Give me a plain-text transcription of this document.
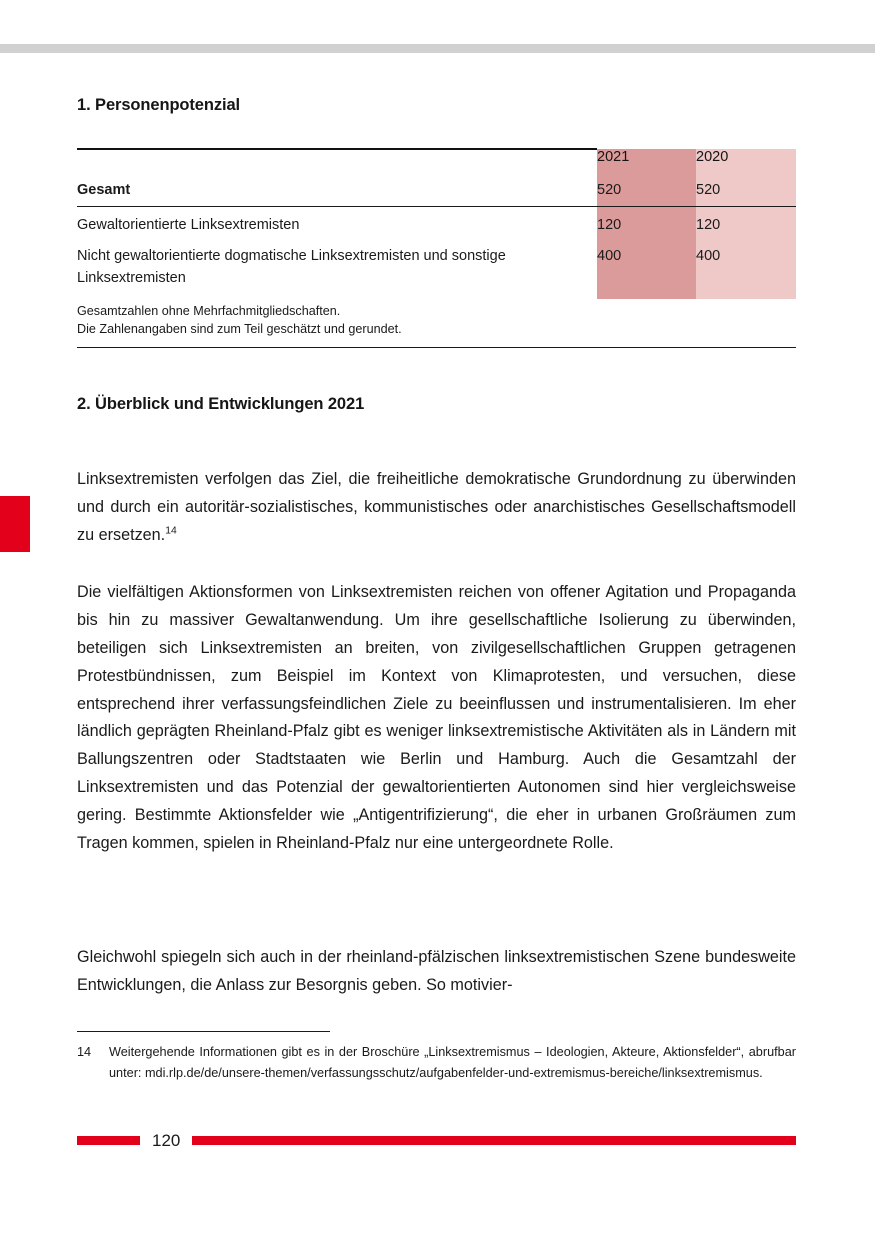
1. Personenpotenzial
	2021	2020
Gesamt	520	520
Gewaltorientierte Linksextremisten	120	120
Nicht gewaltorientierte dogmatische Linksextremisten und sonstige Linksextremisten	400	400
Gesamtzahlen ohne Mehrfachmitgliedschaften.
Die Zahlenangaben sind zum Teil geschätzt und gerundet.
2. Überblick und Entwicklungen 2021

Linksextremisten verfolgen das Ziel, die freiheitliche demokratische Grundordnung zu überwinden und durch ein autoritär-sozialistisches, kommunistisches oder anarchistisches Gesellschaftsmodell zu ersetzen.$^{14}$

Die vielfältigen Aktionsformen von Linksextremisten reichen von offener Agitation und Propaganda bis hin zu massiver Gewaltanwendung. Um ihre gesellschaftliche Isolierung zu überwinden, beteiligen sich Linksextremisten an breiten, von zivilgesellschaftlichen Gruppen getragenen Protestbündnissen, zum Beispiel im Kontext von Klimaprotesten, und versuchen, diese entsprechend ihrer verfassungsfeindlichen Ziele zu beeinflussen und instrumentalisieren. Im eher ländlich geprägten Rheinland-Pfalz gibt es weniger linksextremistische Aktivitäten als in Ländern mit Ballungszentren oder Stadtstaaten wie Berlin und Hamburg. Auch die Gesamtzahl der Linksextremisten und das Potenzial der gewaltorientierten Autonomen sind hier vergleichsweise gering. Bestimmte Aktionsfelder wie „Antigentrifizierung“, die eher in urbanen Großräumen zum Tragen kommen, spielen in Rheinland-Pfalz nur eine untergeordnete Rolle.

Gleichwohl spiegeln sich auch in der rheinland-pfälzischen linksextremistischen Szene bundesweite Entwicklungen, die Anlass zur Besorgnis geben. So motivier-

14	Weitergehende Informationen gibt es in der Broschüre „Linksextremismus – Ideologien, Akteure, Aktionsfelder“, abrufbar unter: mdi.rlp.de/de/unsere-themen/verfassungsschutz/aufgabenfelder-und-extremismus-bereiche/linksextremismus.
120
